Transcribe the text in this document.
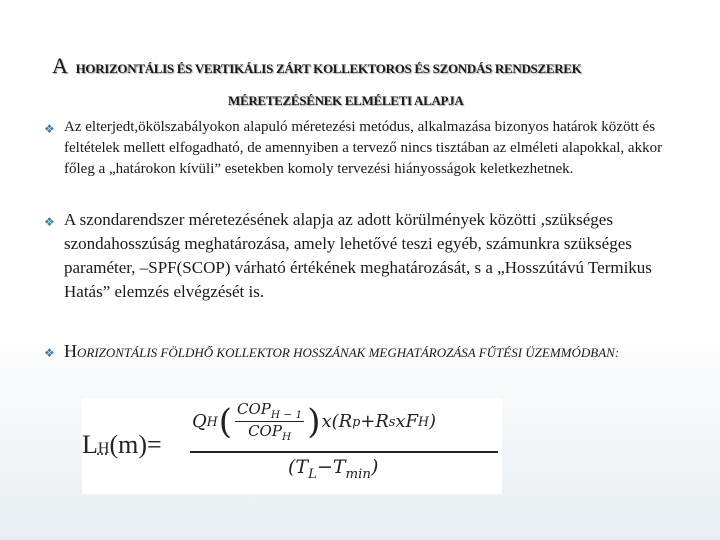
AHORIZONTÁLIS ÉS VERTIKÁLIS ZÁRT KOLLEKTOROS ÉS SZONDÁS RENDSZEREK
MÉRETEZÉSÉNEK ELMÉLETI ALAPJA
❖ Az elterjedt,ökölszabályokon alapuló méretezési metódus, alkalmazása bizonyos határok között és feltételek mellett elfogadható, de amennyiben a tervező nincs tisztában az elméleti alapokkal, akkor főleg a „határokon kívüli” esetekben komoly tervezési hiányosságok keletkezhetnek.
❖ A szondarendszer méretezésének alapja az adott körülmények közötti ,szükséges szondahosszúság meghatározása, amely lehetővé teszi egyéb, számunkra szükséges paraméter, –SPF(SCOP) várható értékének meghatározását, s a „Hosszútávú Termikus Hatás” elemzés elvégzését is.
❖ HORIZONTÁLIS FÖLDHŐ KOLLEKTOR HOSSZÁNAK MEGHATÁROZÁSA FŰTÉSI ÜZEMMÓDBAN:
LH(m)=
Q H ( $\frac{COP_{H - 1}}{COP_H}$ ) x(R p +R s xF H )
$(T_L-T_{min})$
